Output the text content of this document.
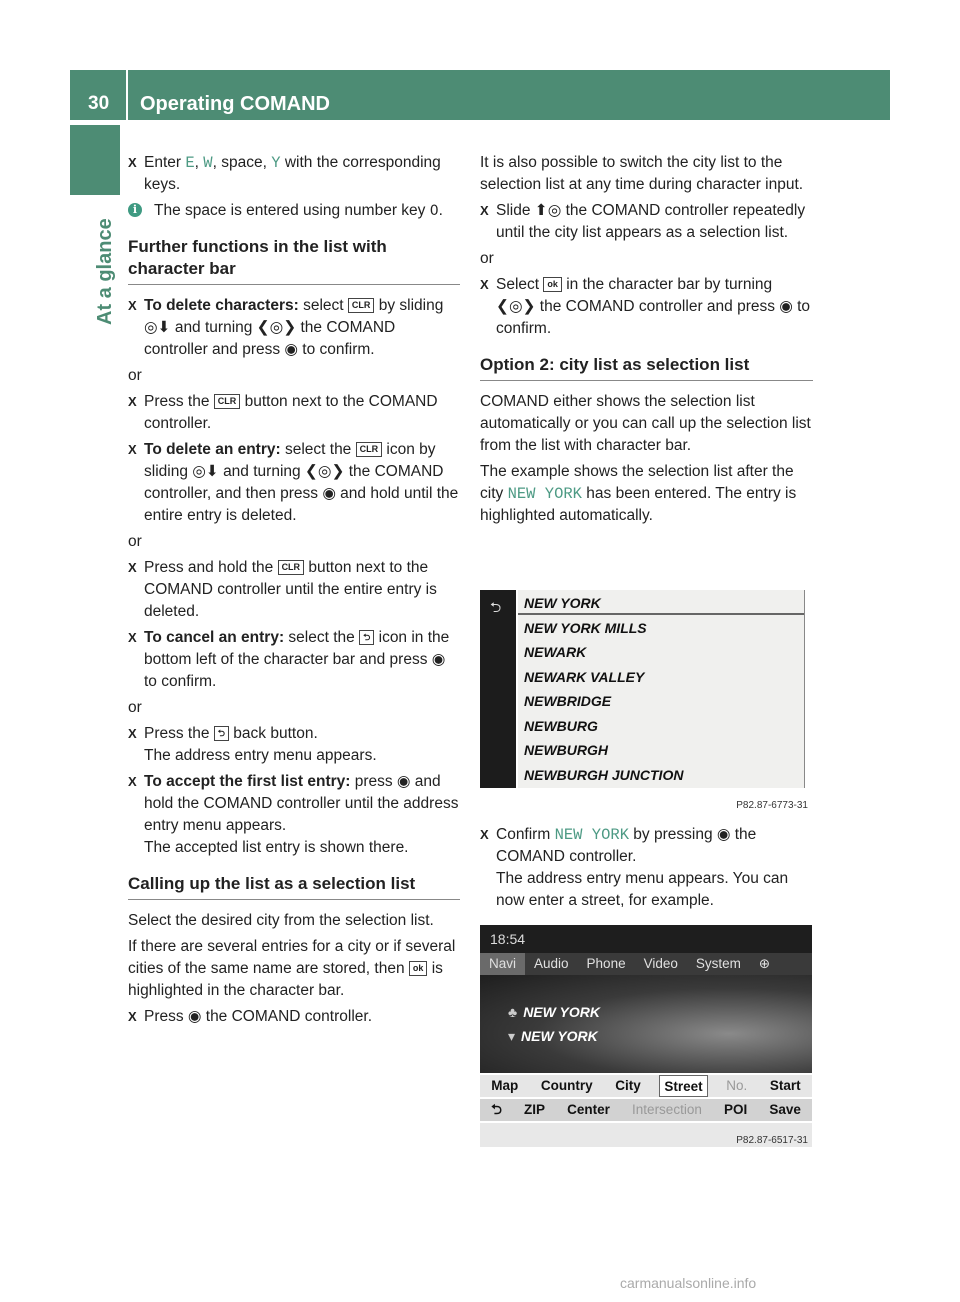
30	Operating COMAND
At a glance
X Enter E, W, space, Y with the corresponding keys.
i	The space is entered using number key 0.
Further functions in the list with character bar
X To delete characters: select CLR by sliding ◎⬇ and turning ❮◎❯ the COMAND controller and press ◉ to confirm.

or

X Press the CLR button next to the COMAND controller.
X To delete an entry: select the CLR icon by sliding ◎⬇ and turning ❮◎❯ the COMAND controller, and then press ◉ and hold until the entire entry is deleted.

or

X Press and hold the CLR button next to the COMAND controller until the entire entry is deleted.
X To cancel an entry: select the ⮌ icon in the bottom left of the character bar and press ◉ to confirm.

or

X Press the ⮌ back button.
The address entry menu appears.
X To accept the first list entry: press ◉ and hold the COMAND controller until the address entry menu appears.
The accepted list entry is shown there.
Calling up the list as a selection list

Select the desired city from the selection list.

If there are several entries for a city or if several cities of the same name are stored, then ok is highlighted in the character bar.

X Press ◉ the COMAND controller.

It is also possible to switch the city list to the selection list at any time during character input.

X Slide ⬆◎ the COMAND controller repeatedly until the city list appears as a selection list.

or

X Select ok in the character bar by turning ❮◎❯ the COMAND controller and press ◉ to confirm.
Option 2: city list as selection list

COMAND either shows the selection list automatically or you can call up the selection list from the list with character bar.

The example shows the selection list after the city NEW YORK has been entered. The entry is highlighted automatically.

⮌	NEW YORK
NEW YORK MILLS
NEWARK
NEWARK VALLEY
NEWBRIDGE
NEWBURG
NEWBURGH
NEWBURGH JUNCTION
P82.87-6773-31
X Confirm NEW YORK by pressing ◉ the COMAND controller.
The address entry menu appears. You can now enter a street, for example.
18:54
Navi	Audio	Phone	Video	System	⊕
♣ NEW YORK
▾ NEW YORK
Map Country City	Street	No. Start
⮌ ZIP Center Intersection POI Save
P82.87-6517-31
carmanualsonline.info
